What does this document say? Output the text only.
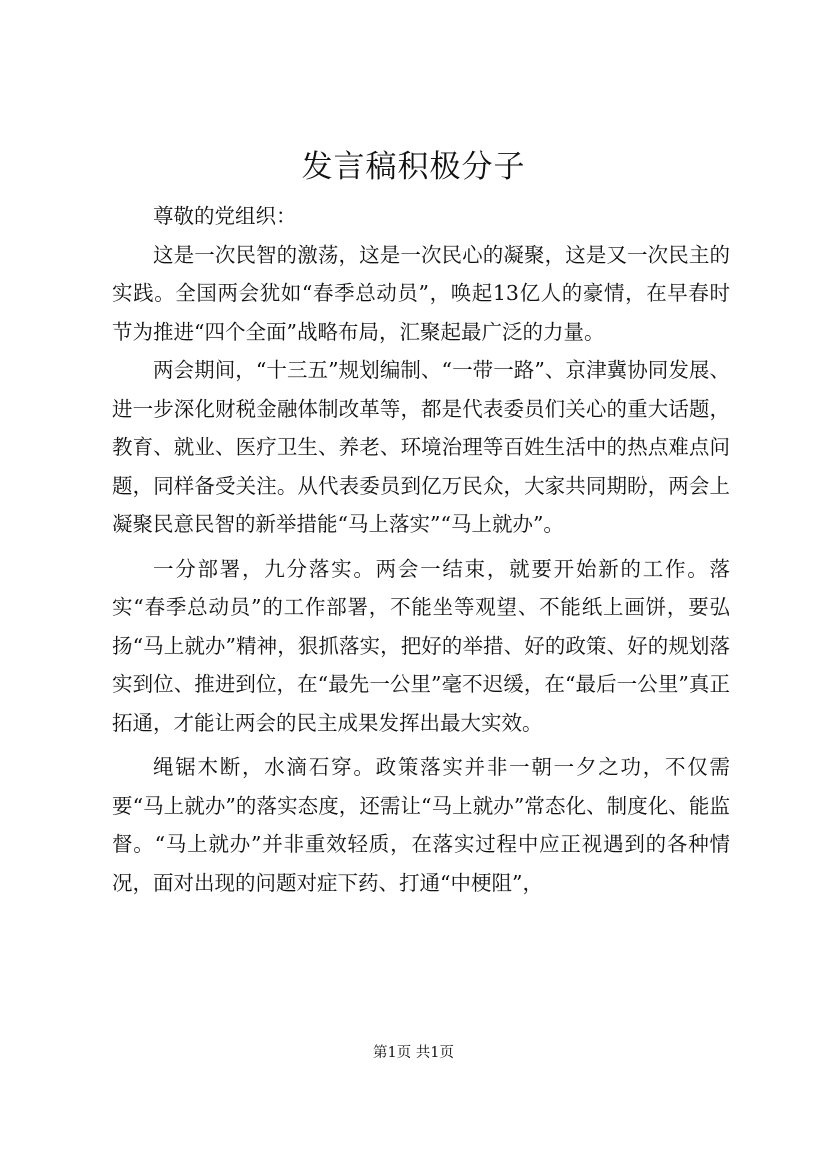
发言稿积极分子

尊敬的党组织：

这是一次民智的激荡，这是一次民心的凝聚，这是又一次民主的实践。全国两会犹如“春季总动员”，唤起13亿人的豪情，在早春时节为推进“四个全面”战略布局，汇聚起最广泛的力量。

两会期间，“十三五”规划编制、“一带一路”、京津冀协同发展、进一步深化财税金融体制改革等，都是代表委员们关心的重大话题，教育、就业、医疗卫生、养老、环境治理等百姓生活中的热点难点问题，同样备受关注。从代表委员到亿万民众，大家共同期盼，两会上凝聚民意民智的新举措能“马上落实”“马上就办”。

一分部署，九分落实。两会一结束，就要开始新的工作。落实“春季总动员”的工作部署，不能坐等观望、不能纸上画饼，要弘扬“马上就办”精神，狠抓落实，把好的举措、好的政策、好的规划落实到位、推进到位，在“最先一公里”毫不迟缓，在“最后一公里”真正拓通，才能让两会的民主成果发挥出最大实效。

绳锯木断，水滴石穿。政策落实并非一朝一夕之功，不仅需要“马上就办”的落实态度，还需让“马上就办”常态化、制度化、能监督。“马上就办”并非重效轻质，在落实过程中应正视遇到的各种情况，面对出现的问题对症下药、打通“中梗阻”，

第1页 共1页
